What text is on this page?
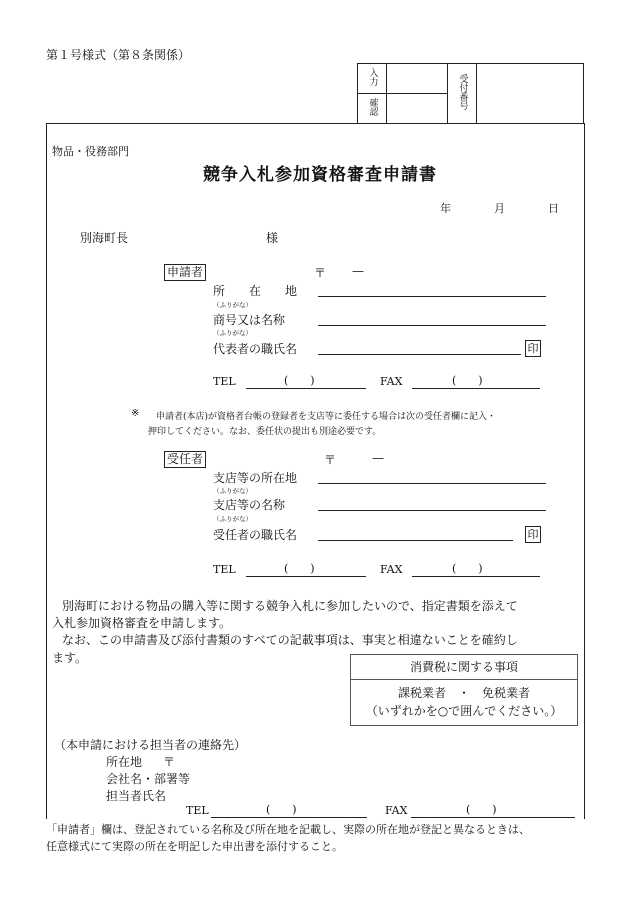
第１号様式（第８条関係）
入力		受付番号	
確認			
物品・役務部門
競争入札参加資格審査申請書
年	月	日
別海町長	様
申請者	〒 —
所　　在　　地
（ふりがな）
商号又は名称
（ふりがな）
代表者の職氏名	印
TEL	(　　)	FAX	(　　)
※ 申請者(本店)が資格者台帳の登録者を支店等に委任する場合は次の受任者欄に記入・
押印してください。なお、委任状の提出も別途必要です。
受任者	〒	—
支店等の所在地
（ふりがな）
支店等の名称
（ふりがな）
受任者の職氏名	印
TEL	(　　)	FAX	(　　)
別海町における物品の購入等に関する競争入札に参加したいので、指定書類を添えて
入札参加資格審査を申請します。
なお、この申請書及び添付書類のすべての記載事項は、事実と相違ないことを確約し
ます。
消費税に関する事項
課税業者　・　免税業者
（いずれかを○で囲んでください。）
（本申請における担当者の連絡先）
所在地 〒
会社名・部署等
担当者氏名
TEL	(　　)	FAX	(　　)
「申請者」欄は、登記されている名称及び所在地を記載し、実際の所在地が登記と異なるときは、
任意様式にて実際の所在を明記した申出書を添付すること。
